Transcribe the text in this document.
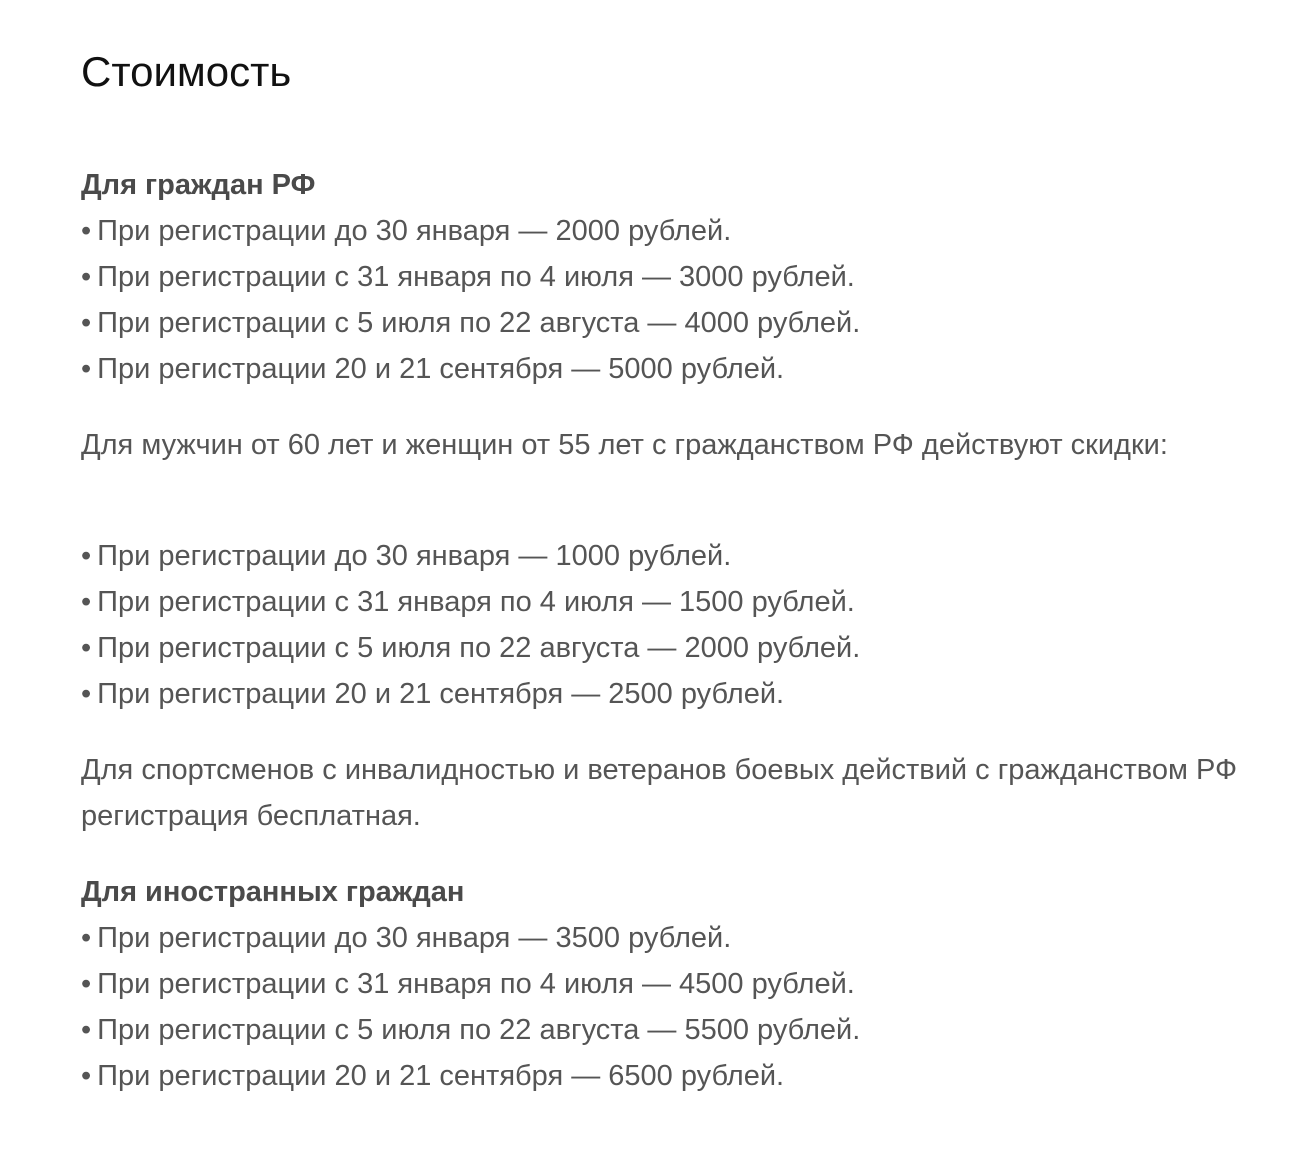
Стоимость

Для граждан РФ

• При регистрации до 30 января — 2000 рублей.
• При регистрации с 31 января по 4 июля — 3000 рублей.
• При регистрации с 5 июля по 22 августа — 4000 рублей.
• При регистрации 20 и 21 сентября — 5000 рублей.

Для мужчин от 60 лет и женщин от 55 лет с гражданством РФ действуют скидки:

• При регистрации до 30 января — 1000 рублей.
• При регистрации с 31 января по 4 июля — 1500 рублей.
• При регистрации с 5 июля по 22 августа — 2000 рублей.
• При регистрации 20 и 21 сентября — 2500 рублей.

Для спортсменов с инвалидностью и ветеранов боевых действий с гражданством РФ регистрация бесплатная.

Для иностранных граждан

• При регистрации до 30 января — 3500 рублей.
• При регистрации с 31 января по 4 июля — 4500 рублей.
• При регистрации с 5 июля по 22 августа — 5500 рублей.
• При регистрации 20 и 21 сентября — 6500 рублей.
